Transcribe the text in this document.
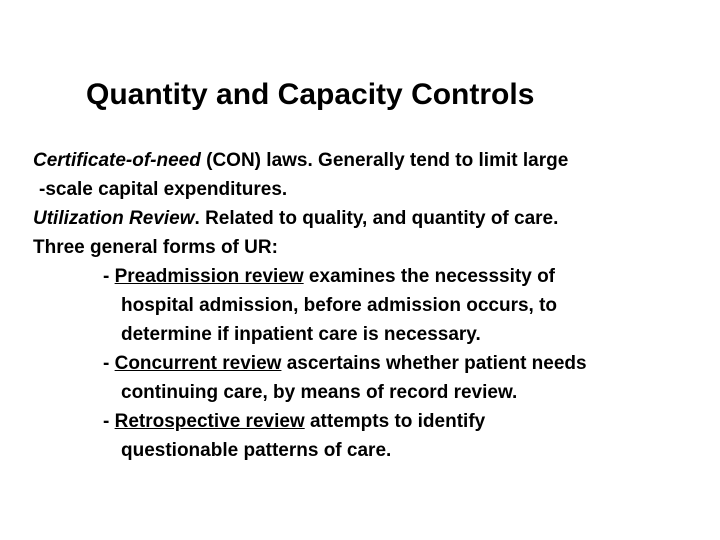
Quantity and Capacity Controls
Certificate-of-need (CON) laws. Generally tend to limit large
-scale capital expenditures.
Utilization Review. Related to quality, and quantity of care.
Three general forms of UR:
- Preadmission review examines the necesssity of
hospital admission, before admission occurs, to
determine if inpatient care is necessary.
- Concurrent review ascertains whether patient needs
continuing care, by means of record review.
- Retrospective review attempts to identify
questionable patterns of care.
